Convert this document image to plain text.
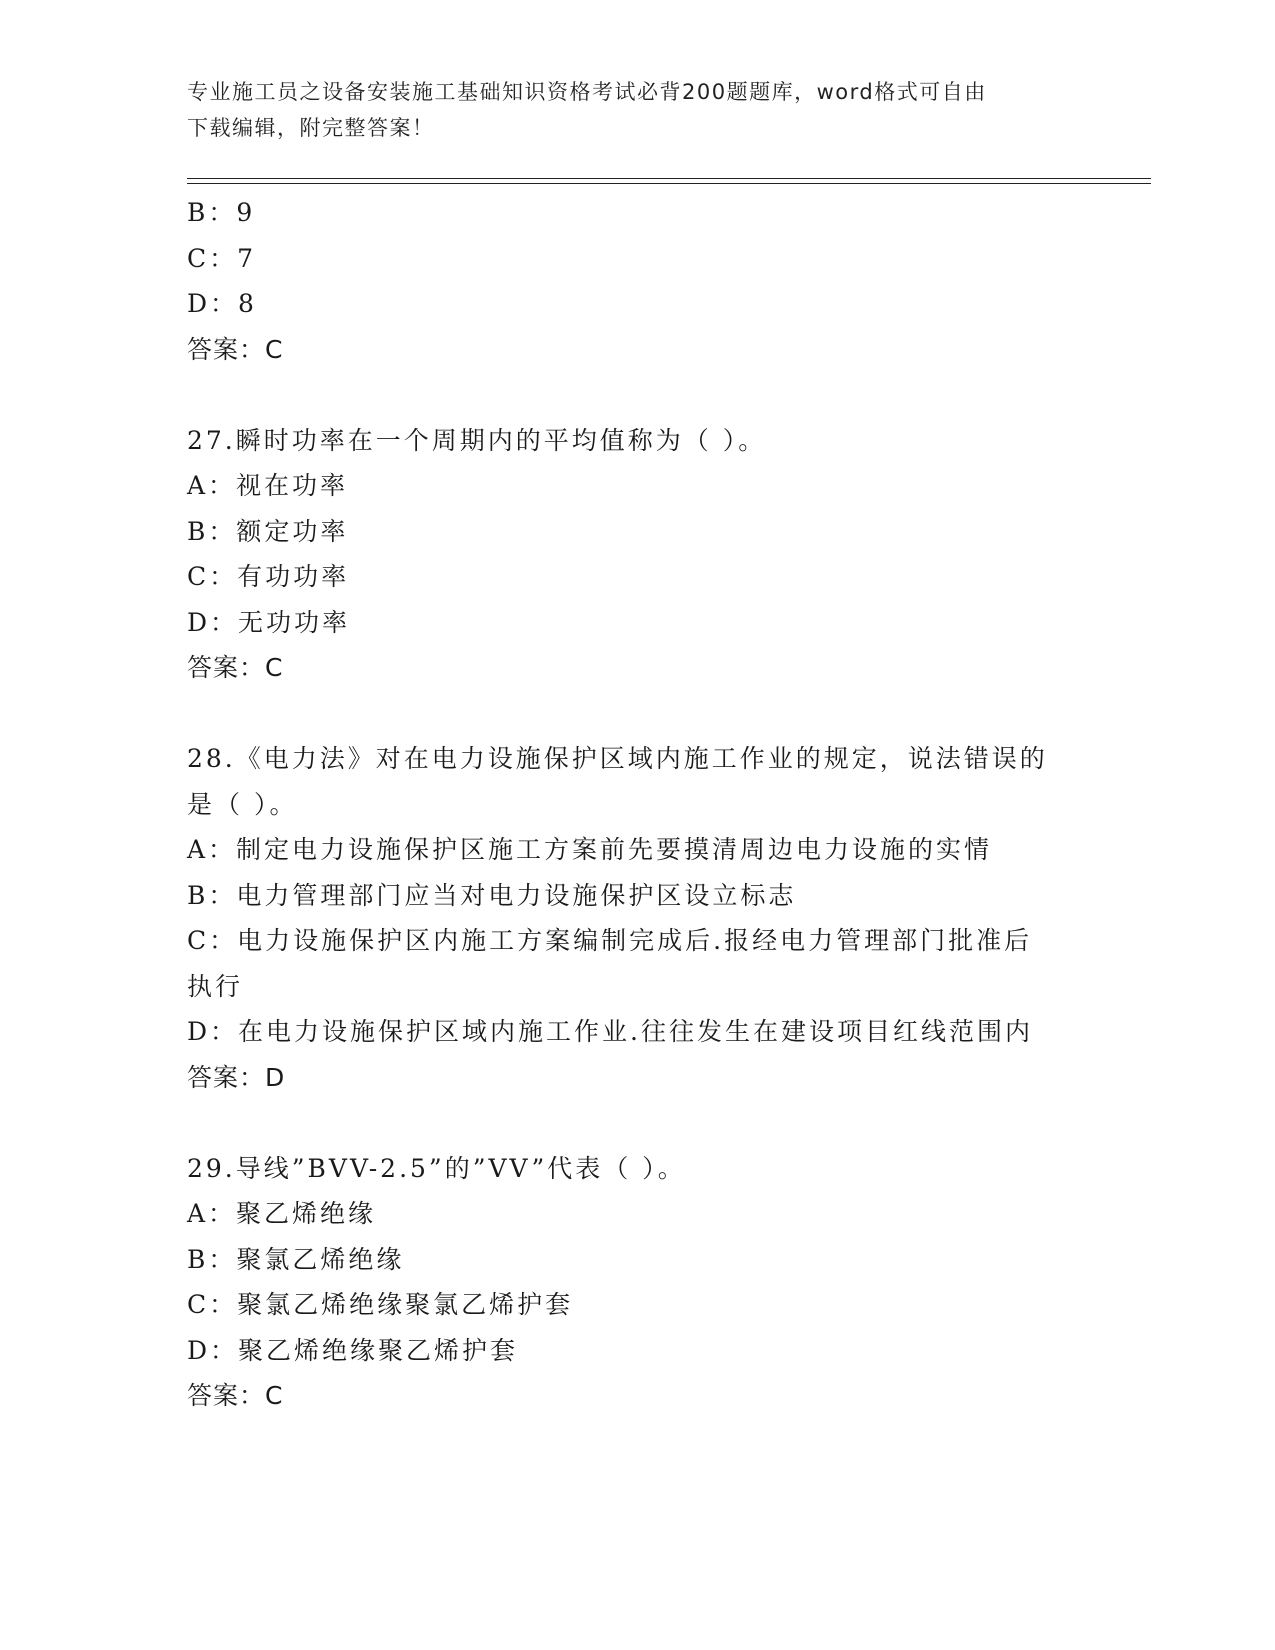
专业施工员之设备安装施工基础知识资格考试必背200题题库，word格式可自由
下载编辑，附完整答案！
B：9
C：7
D：8
答案：C
27.瞬时功率在一个周期内的平均值称为（ ）。
A：视在功率
B：额定功率
C：有功功率
D：无功功率
答案：C
28.《电力法》对在电力设施保护区域内施工作业的规定，说法错误的
是（ ）。
A：制定电力设施保护区施工方案前先要摸清周边电力设施的实情
B：电力管理部门应当对电力设施保护区设立标志
C：电力设施保护区内施工方案编制完成后.报经电力管理部门批准后
执行
D：在电力设施保护区域内施工作业.往往发生在建设项目红线范围内
答案：D
29.导线”BVV-2.5”的”VV”代表（ ）。
A：聚乙烯绝缘
B：聚氯乙烯绝缘
C：聚氯乙烯绝缘聚氯乙烯护套
D：聚乙烯绝缘聚乙烯护套
答案：C
